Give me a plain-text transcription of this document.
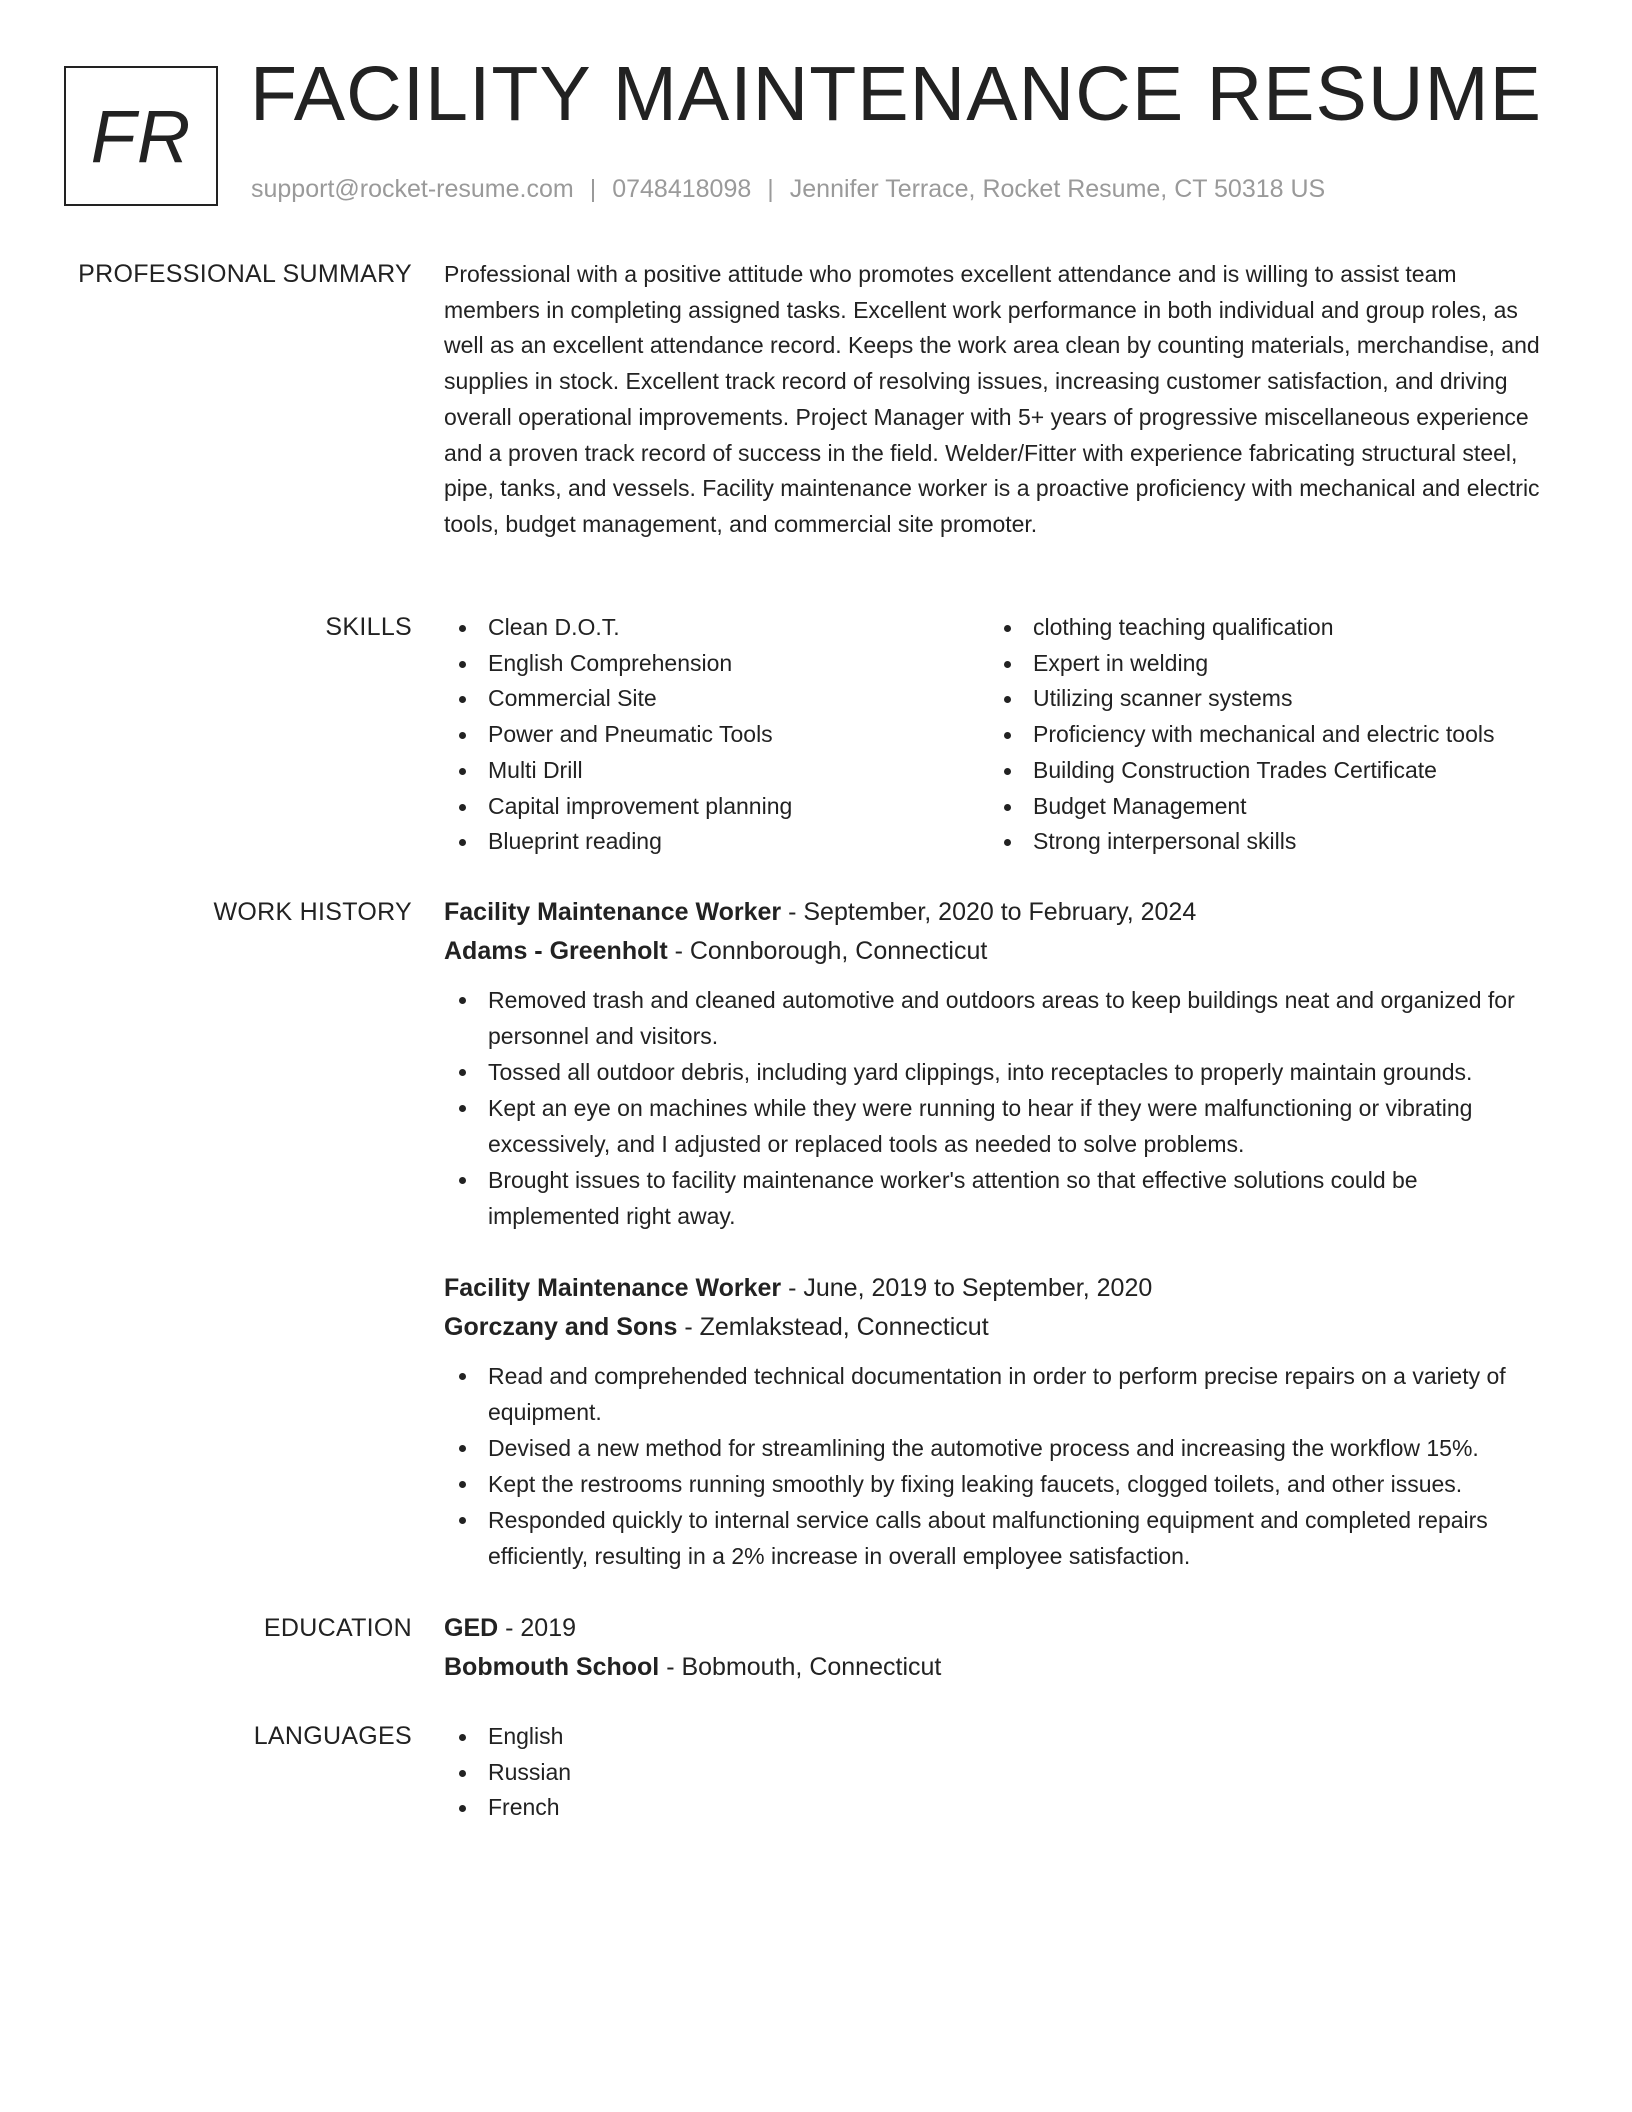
FR FACILITY MAINTENANCE RESUME
support@rocket-resume.com | 0748418098 | Jennifer Terrace, Rocket Resume, CT 50318 US
PROFESSIONAL SUMMARY Professional with a positive attitude who promotes excellent attendance and is willing to assist team members in completing assigned tasks. Excellent work performance in both individual and group roles, as well as an excellent attendance record. Keeps the work area clean by counting materials, merchandise, and supplies in stock. Excellent track record of resolving issues, increasing customer satisfaction, and driving overall operational improvements. Project Manager with 5+ years of progressive miscellaneous experience and a proven track record of success in the field. Welder/Fitter with experience fabricating structural steel, pipe, tanks, and vessels. Facility maintenance worker is a proactive proficiency with mechanical and electric tools, budget management, and commercial site promoter.

SKILLS	Clean D.O.T.
English Comprehension
Commercial Site
Power and Pneumatic Tools
Multi Drill
Capital improvement planning
Blueprint reading
clothing teaching qualification
Expert in welding
Utilizing scanner systems
Proficiency with mechanical and electric tools
Building Construction Trades Certificate
Budget Management
Strong interpersonal skills
WORK HISTORY Facility Maintenance Worker - September, 2020 to February, 2024
Adams - Greenholt - Connborough, Connecticut
Removed trash and cleaned automotive and outdoors areas to keep buildings neat and organized for personnel and visitors.
Tossed all outdoor debris, including yard clippings, into receptacles to properly maintain grounds.
Kept an eye on machines while they were running to hear if they were malfunctioning or vibrating excessively, and I adjusted or replaced tools as needed to solve problems.
Brought issues to facility maintenance worker's attention so that effective solutions could be implemented right away.
Facility Maintenance Worker - June, 2019 to September, 2020
Gorczany and Sons - Zemlakstead, Connecticut
Read and comprehended technical documentation in order to perform precise repairs on a variety of equipment.
Devised a new method for streamlining the automotive process and increasing the workflow 15%.
Kept the restrooms running smoothly by fixing leaking faucets, clogged toilets, and other issues.
Responded quickly to internal service calls about malfunctioning equipment and completed repairs efficiently, resulting in a 2% increase in overall employee satisfaction.
EDUCATION GED - 2019
Bobmouth School - Bobmouth, Connecticut
LANGUAGES	English
Russian
French
